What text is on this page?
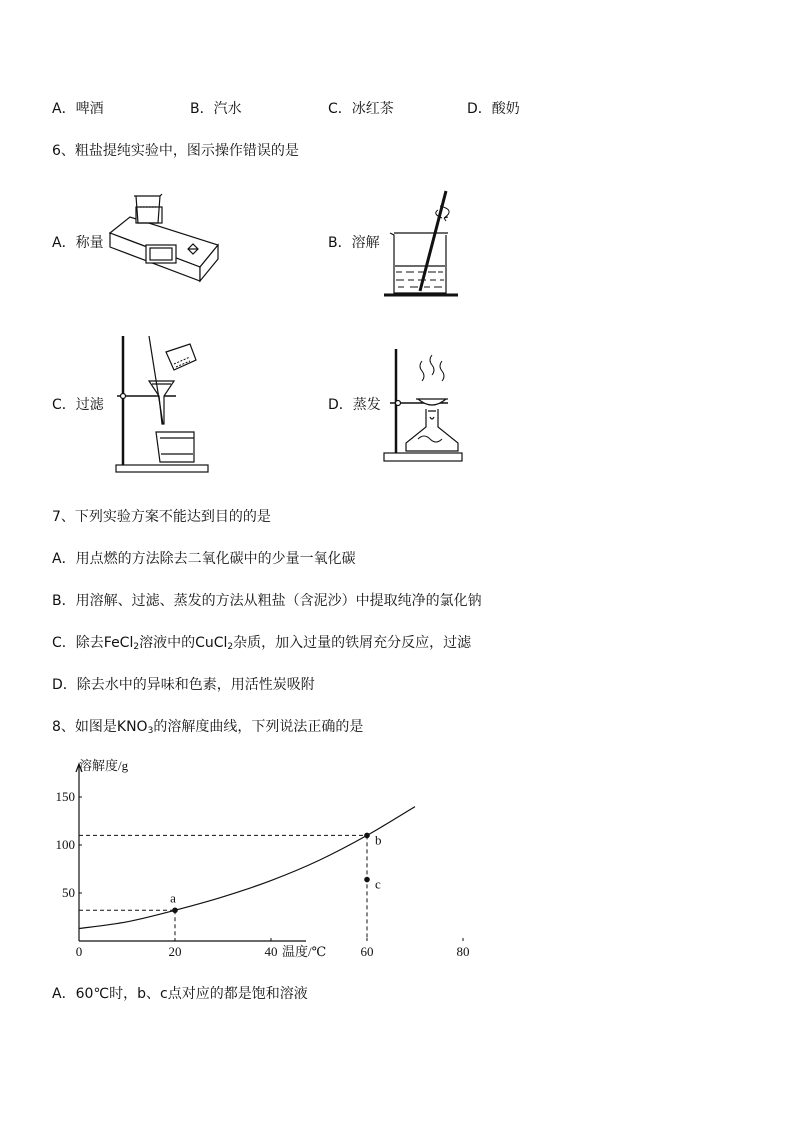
A．啤酒	B．汽水	C．冰红茶	D．酸奶
6、粗盐提纯实验中，图示操作错误的是
A．称量	B．溶解
C．过滤	D．蒸发
7、下列实验方案不能达到目的的是
A．用点燃的方法除去二氧化碳中的少量一氧化碳
B．用溶解、过滤、蒸发的方法从粗盐（含泥沙）中提取纯净的氯化钠
C．除去FeCl$_2$溶液中的CuCl$_2$杂质，加入过量的铁屑充分反应，过滤
D．除去水中的异味和色素，用活性炭吸附
8、如图是$KNO_3$的溶解度曲线，下列说法正确的是
0	20	40	60	80
50
100
150
溶解度/g
温度/℃
a
b
c
A．60℃时，b、c点对应的都是饱和溶液
